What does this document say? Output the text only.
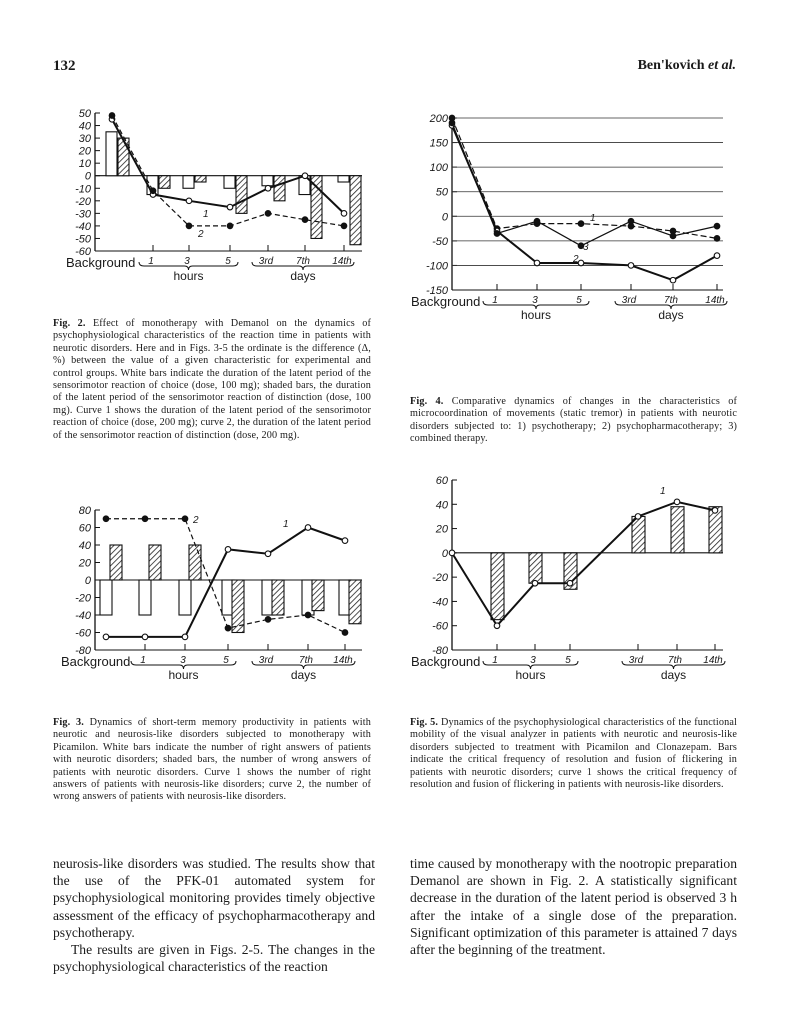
132	Ben'kovich et al.
50
40
30
20
10
0
-10
-20
-30
-40
-50
-60
1
2
Background 1	3	5	3rd 7th 14th
hours	days
Fig. 2. Effect of monotherapy with Demanol on the dynamics of psychophysiological characteristics of the reaction time in patients with neurotic disorders. Here and in Figs. 3-5 the ordinate is the difference (Δ, %) between the value of a given characteristic for experimental and control groups. White bars indicate the duration of the latent period of the sensorimotor reaction of choice (dose, 100 mg); shaded bars, the duration of the latent period of the sensorimotor reaction of distinction (dose, 100 mg). Curve 1 shows the duration of the latent period of the sensorimotor reaction of choice (dose, 200 mg); curve 2, the duration of the latent period of the sensorimotor reaction of distinction (dose, 200 mg).
200
150
100
50
0
-50
-100
-150
1
2
3
Background 1	3	5	3rd	7th	14th
hours	days
Fig. 4. Comparative dynamics of changes in the characteristics of microcoordination of movements (static tremor) in patients with neurotic disorders subjected to: 1) psychotherapy; 2) psychopharmacotherapy; 3) combined therapy.
80
60
40
20
0
-20
-40
-60
-80
1
2
Background 1	3	5	3rd	7th 14th
hours	days
Fig. 3. Dynamics of short-term memory productivity in patients with neurotic and neurosis-like disorders subjected to monotherapy with Picamilon. White bars indicate the number of right answers of patients with neurotic disorders; shaded bars, the number of wrong answers of patients with neurotic disorders. Curve 1 shows the number of right answers of patients with neurosis-like disorders; curve 2, the number of wrong answers of patients with neurosis-like disorders.
60
40
20
0
-20
-40
-60
-80
1
Background 1	3	5	3rd 7th 14th
hours	days
Fig. 5. Dynamics of the psychophysiological characteristics of the functional mobility of the visual analyzer in patients with neurotic and neurosis-like disorders subjected to treatment with Picamilon and Clonazepam. Bars indicate the critical frequency of resolution and fusion of flickering in patients with neurotic disorders; curve 1 shows the critical frequency of resolution and fusion of flickering in patients with neurosis-like disorders.

neurosis-like disorders was studied. The results show that the use of the PFK-01 automated system for psychophysiological monitoring provides timely objective assessment of the efficacy of psychopharmacotherapy and psychotherapy.

The results are given in Figs. 2-5. The changes in the psychophysiological characteristics of the reaction

time caused by monotherapy with the nootropic preparation Demanol are shown in Fig. 2. A statistically significant decrease in the duration of the latent period is observed 3 h after the intake of a single dose of the preparation. Significant optimization of this parameter is attained 7 days after the beginning of the treatment.
